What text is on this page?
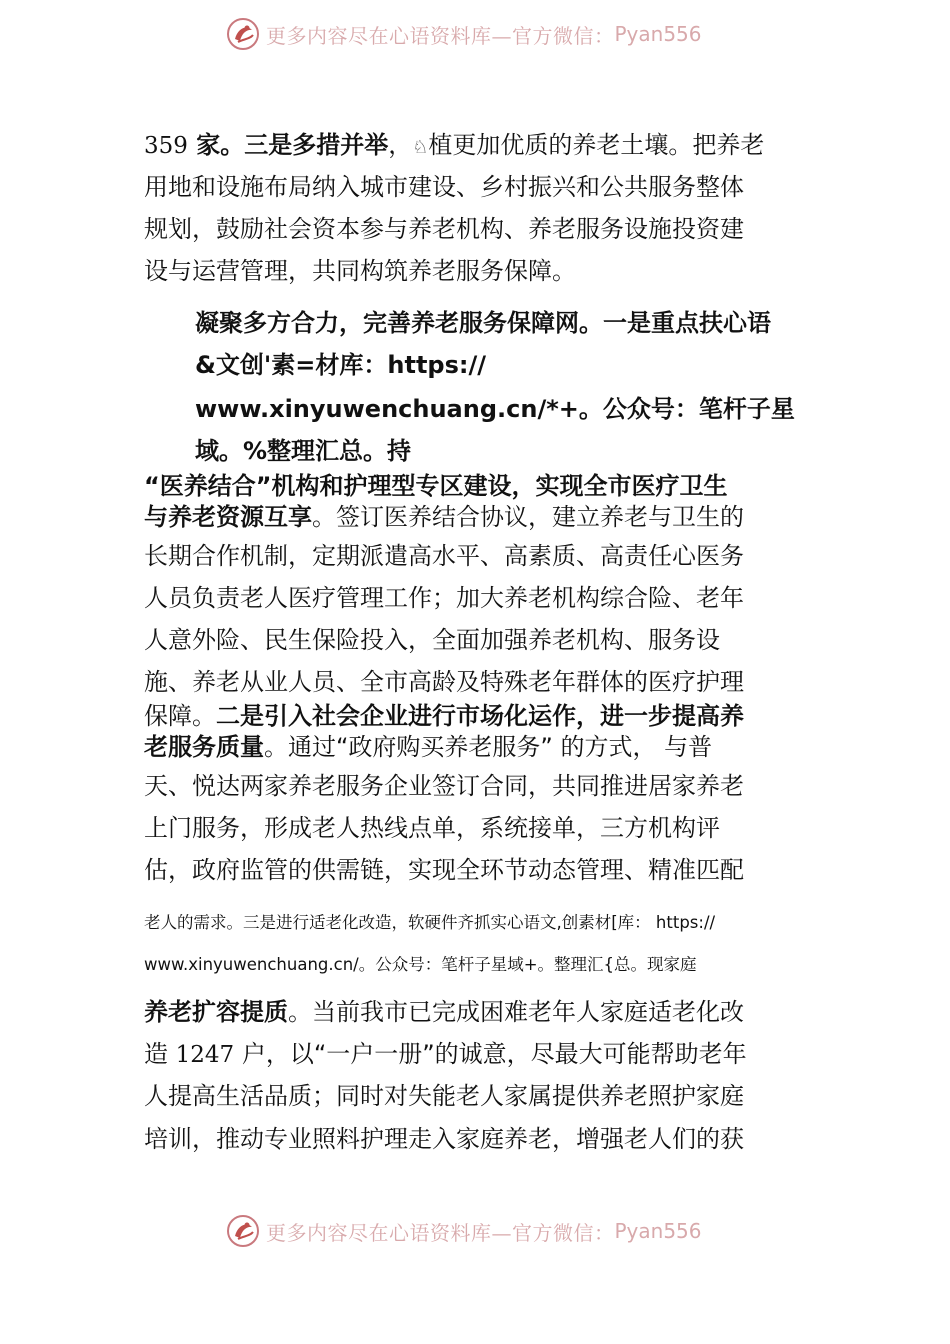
更多内容尽在心语资料库—官方微信： Pyan556
359 家。三是多措并举，♘植更加优质的养老土壤。把养老
用地和设施布局纳入城市建设、乡村振兴和公共服务整体
规划，鼓励社会资本参与养老机构、养老服务设施投资建
设与运营管理，共同构筑养老服务保障。
凝聚多方合力，完善养老服务保障网。一是重点扶心语
&文创'素=材库：https://
www.xinyuwenchuang.cn/*+。公众号：笔杆子星
域。%整理汇总。持
“医养结合”机构和护理型专区建设，实现全市医疗卫生
与养老资源互享。签订医养结合协议，建立养老与卫生的
长期合作机制，定期派遣高水平、高素质、高责任心医务
人员负责老人医疗管理工作；加大养老机构综合险、老年
人意外险、民生保险投入，全面加强养老机构、服务设
施、养老从业人员、全市高龄及特殊老年群体的医疗护理
保障。二是引入社会企业进行市场化运作，进一步提高养
老服务质量。通过“政府购买养老服务” 的方式， 与普
天、悦达两家养老服务企业签订合同，共同推进居家养老
上门服务，形成老人热线点单，系统接单，三方机构评
估，政府监管的供需链，实现全环节动态管理、精准匹配
老人的需求。三是进行适老化改造，软硬件齐抓实心语文,创素材[库： https://
www.xinyuwenchuang.cn/。公众号：笔杆子星域+。整理汇{总。现家庭
养老扩容提质。当前我市已完成困难老年人家庭适老化改
造 1247 户，以“一户一册”的诚意，尽最大可能帮助老年
人提高生活品质；同时对失能老人家属提供养老照护家庭
培训，推动专业照料护理走入家庭养老，增强老人们的获
更多内容尽在心语资料库—官方微信： Pyan556
